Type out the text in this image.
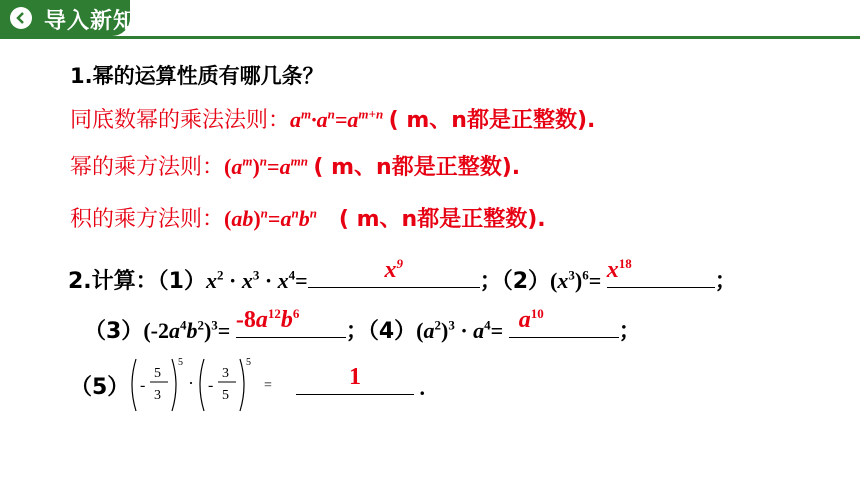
导入新知
1.幂的运算性质有哪几条？
同底数幂的乘法法则：$a^m\cdot a^n=a^{m+n}$ ( m、n都是正整数).
幂的乘方法则：$(a^m)^n=a^{mn}$ ( m、n都是正整数).
积的乘方法则：$(ab)^n=a^nb^n$ ( m、n都是正整数).
2.计算：$(1)x^2 \cdot x^3 \cdot x^4=$	$x^9$
；$(2)(x^3)^6= x^{18}$
；
$(3)(-2a^4b^2)^3= -8a^{12}b^6$
；$(4)(a^2)^3 \cdot a^4= a^{10}$
；
（5） -
5
3
5
· -
3
5
5
=	1	.
